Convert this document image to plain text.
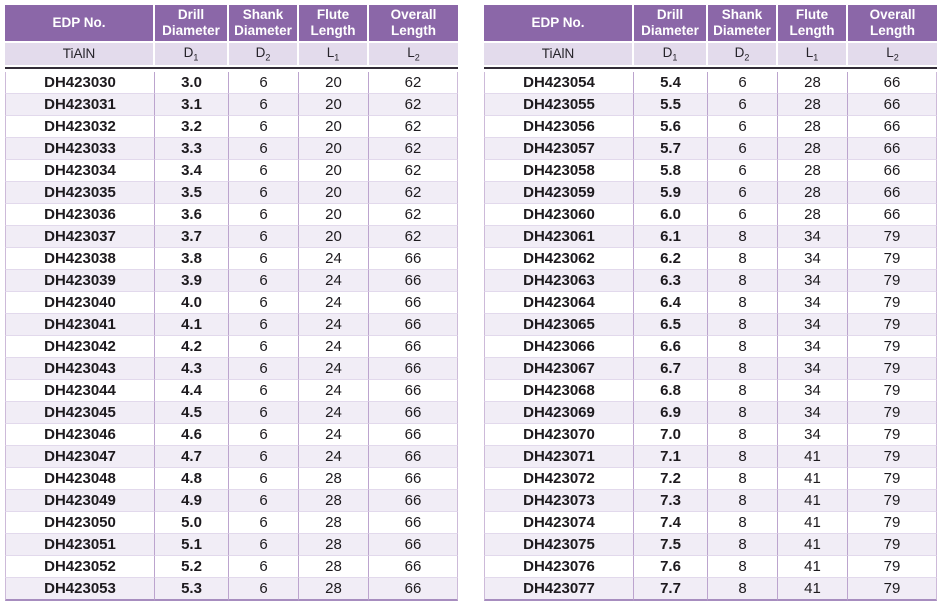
EDP No.	Drill Diameter	Shank Diameter	Flute Length	Overall Length
TiAlN	$D_1$	$D_2$	$L_1$	$L_2$

DH423030	3.0	6	20	62
DH423031	3.1	6	20	62
DH423032	3.2	6	20	62
DH423033	3.3	6	20	62
DH423034	3.4	6	20	62
DH423035	3.5	6	20	62
DH423036	3.6	6	20	62
DH423037	3.7	6	20	62
DH423038	3.8	6	24	66
DH423039	3.9	6	24	66
DH423040	4.0	6	24	66
DH423041	4.1	6	24	66
DH423042	4.2	6	24	66
DH423043	4.3	6	24	66
DH423044	4.4	6	24	66
DH423045	4.5	6	24	66
DH423046	4.6	6	24	66
DH423047	4.7	6	24	66
DH423048	4.8	6	28	66
DH423049	4.9	6	28	66
DH423050	5.0	6	28	66
DH423051	5.1	6	28	66
DH423052	5.2	6	28	66
DH423053	5.3	6	28	66
EDP No.	Drill Diameter	Shank Diameter	Flute Length	Overall Length
TiAlN	$D_1$	$D_2$	$L_1$	$L_2$

DH423054	5.4	6	28	66
DH423055	5.5	6	28	66
DH423056	5.6	6	28	66
DH423057	5.7	6	28	66
DH423058	5.8	6	28	66
DH423059	5.9	6	28	66
DH423060	6.0	6	28	66
DH423061	6.1	8	34	79
DH423062	6.2	8	34	79
DH423063	6.3	8	34	79
DH423064	6.4	8	34	79
DH423065	6.5	8	34	79
DH423066	6.6	8	34	79
DH423067	6.7	8	34	79
DH423068	6.8	8	34	79
DH423069	6.9	8	34	79
DH423070	7.0	8	34	79
DH423071	7.1	8	41	79
DH423072	7.2	8	41	79
DH423073	7.3	8	41	79
DH423074	7.4	8	41	79
DH423075	7.5	8	41	79
DH423076	7.6	8	41	79
DH423077	7.7	8	41	79
